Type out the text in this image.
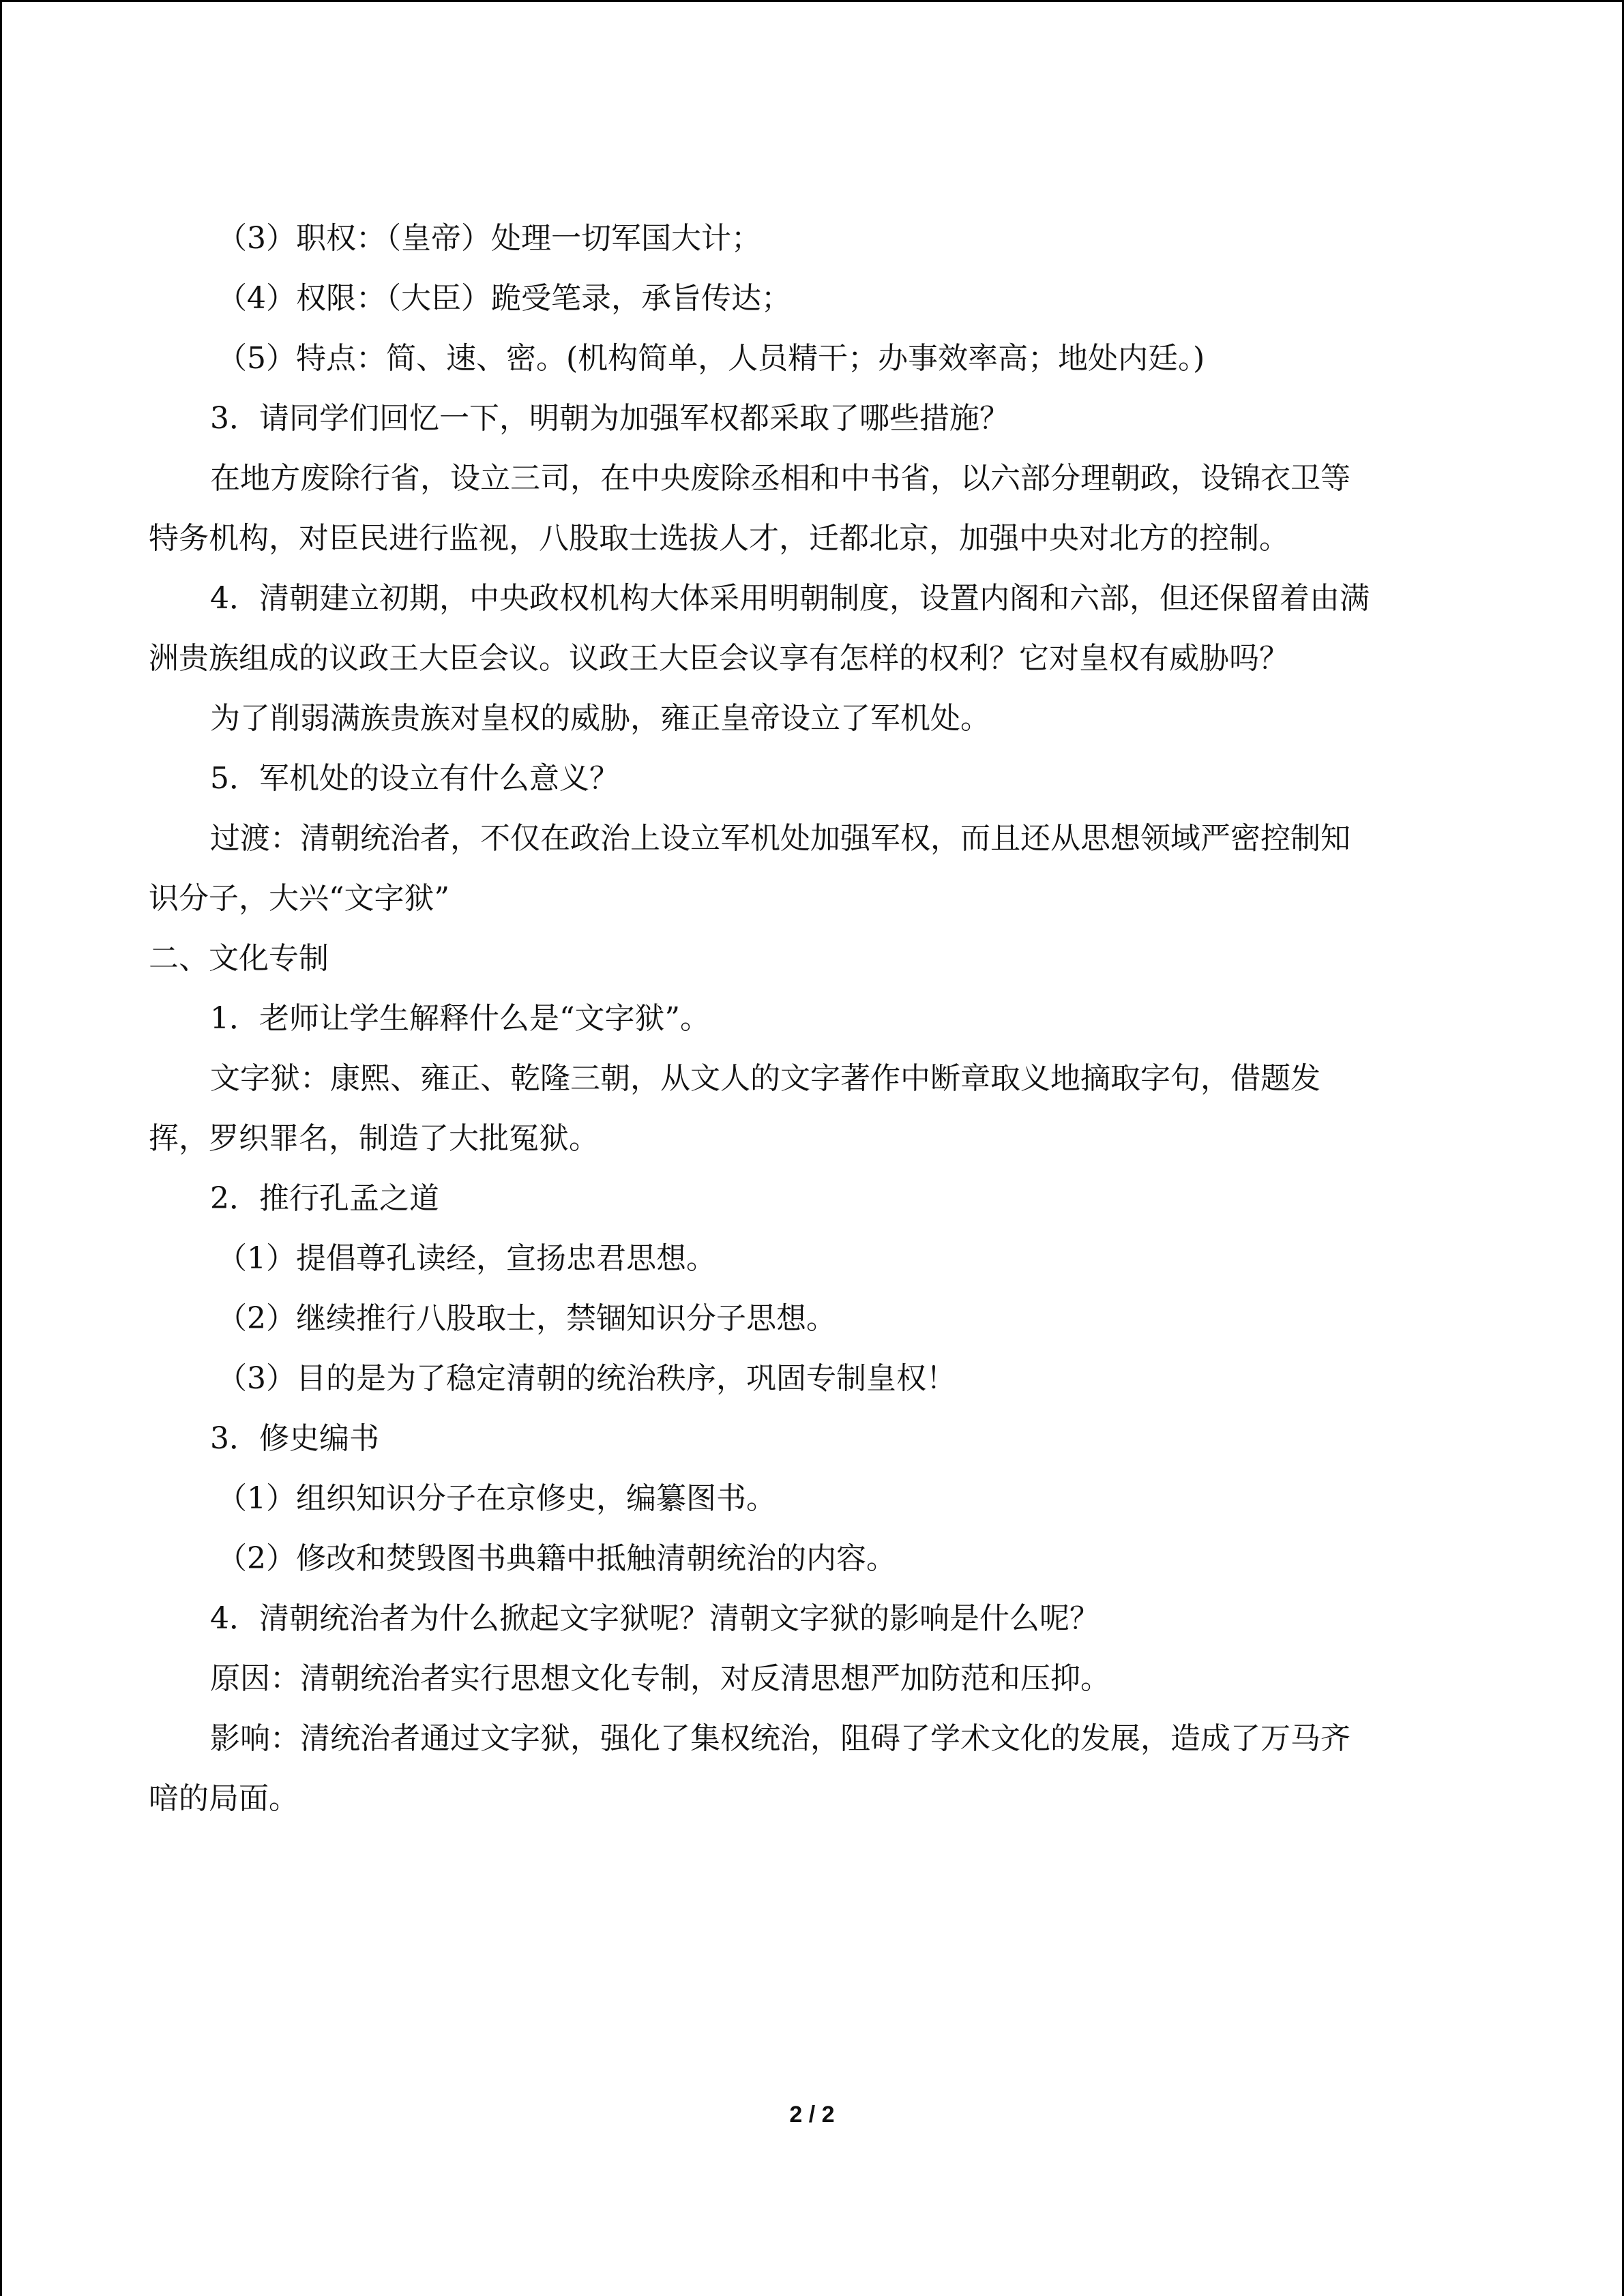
（3）职权：（皇帝）处理一切军国大计；
（4）权限：（大臣）跪受笔录，承旨传达；
（5）特点：简、速、密。(机构简单，人员精干；办事效率高；地处内廷。)
3．请同学们回忆一下，明朝为加强军权都采取了哪些措施？
在地方废除行省，设立三司，在中央废除丞相和中书省，以六部分理朝政，设锦衣卫等
特务机构，对臣民进行监视，八股取士选拔人才，迁都北京，加强中央对北方的控制。
4．清朝建立初期，中央政权机构大体采用明朝制度，设置内阁和六部，但还保留着由满
洲贵族组成的议政王大臣会议。议政王大臣会议享有怎样的权利？它对皇权有威胁吗？
为了削弱满族贵族对皇权的威胁，雍正皇帝设立了军机处。
5．军机处的设立有什么意义？
过渡：清朝统治者，不仅在政治上设立军机处加强军权，而且还从思想领域严密控制知
识分子，大兴“文字狱”
二、文化专制
1．老师让学生解释什么是“文字狱”。
文字狱：康熙、雍正、乾隆三朝，从文人的文字著作中断章取义地摘取字句，借题发
挥，罗织罪名，制造了大批冤狱。
2．推行孔孟之道
（1）提倡尊孔读经，宣扬忠君思想。
（2）继续推行八股取士，禁锢知识分子思想。
（3）目的是为了稳定清朝的统治秩序，巩固专制皇权！
3．修史编书
（1）组织知识分子在京修史，编纂图书。
（2）修改和焚毁图书典籍中抵触清朝统治的内容。
4．清朝统治者为什么掀起文字狱呢？清朝文字狱的影响是什么呢？
原因：清朝统治者实行思想文化专制，对反清思想严加防范和压抑。
影响：清统治者通过文字狱，强化了集权统治，阻碍了学术文化的发展，造成了万马齐
喑的局面。
2 / 2
